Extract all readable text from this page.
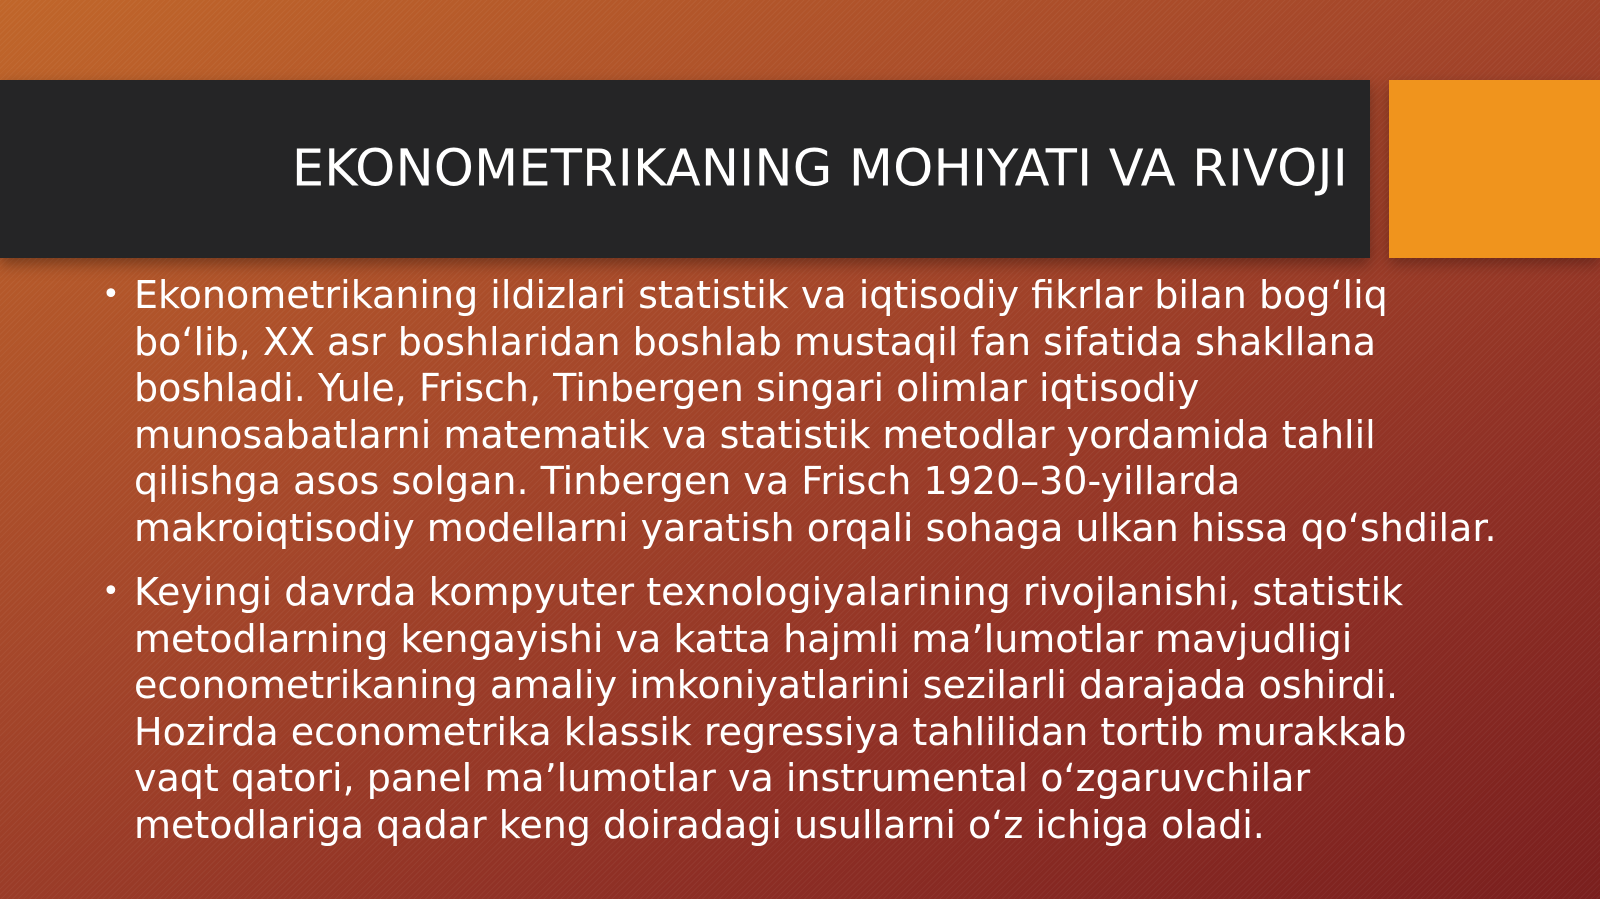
EKONOMETRIKANING MOHIYATI VA RIVOJI
• Ekonometrikaning ildizlari statistik va iqtisodiy fikrlar bilan bog‘liq bo‘lib, XX asr boshlaridan boshlab mustaqil fan sifatida shakllana boshladi. Yule, Frisch, Tinbergen singari olimlar iqtisodiy munosabatlarni matematik va statistik metodlar yordamida tahlil qilishga asos solgan. Tinbergen va Frisch 1920–30-yillarda makroiqtisodiy modellarni yaratish orqali sohaga ulkan hissa qo‘shdilar.
• Keyingi davrda kompyuter texnologiyalarining rivojlanishi, statistik metodlarning kengayishi va katta hajmli ma’lumotlar mavjudligi econometrikaning amaliy imkoniyatlarini sezilarli darajada oshirdi. Hozirda econometrika klassik regressiya tahlilidan tortib murakkab vaqt qatori, panel ma’lumotlar va instrumental o‘zgaruvchilar metodlariga qadar keng doiradagi usullarni o‘z ichiga oladi.
